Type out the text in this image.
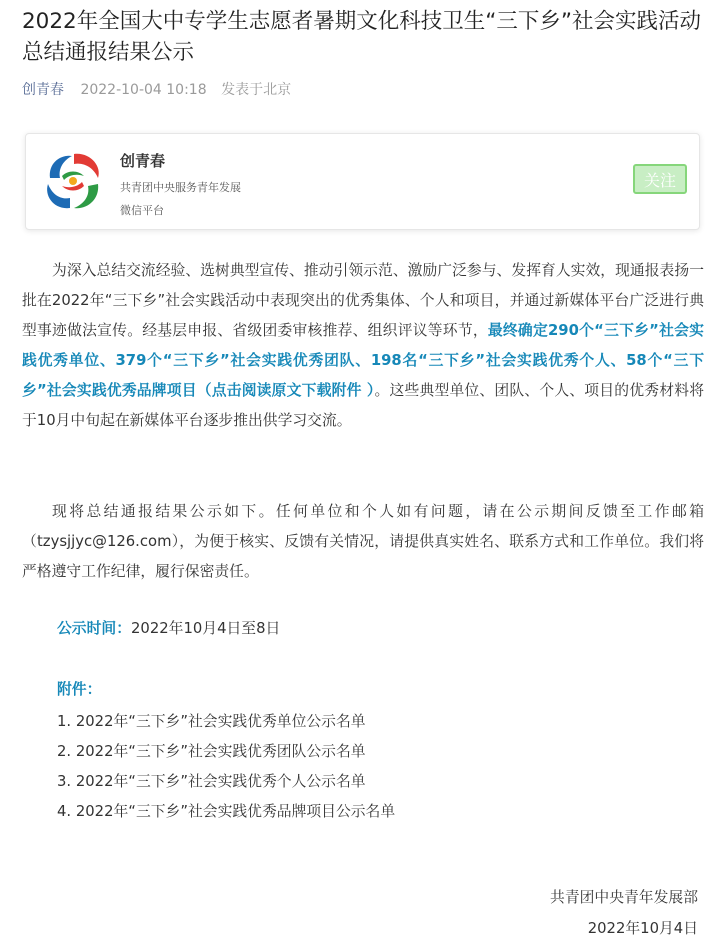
2022年全国大中专学生志愿者暑期文化科技卫生“三下乡”社会实践活动总结通报结果公示
创青春 2022-10-04 10:18 发表于北京
创青春
共青团中央服务青年发展
微信平台
关注

为深入总结交流经验、选树典型宣传、推动引领示范、激励广泛参与、发挥育人实效，现通报表扬一批在2022年“三下乡”社会实践活动中表现突出的优秀集体、个人和项目，并通过新媒体平台广泛进行典型事迹做法宣传。经基层申报、省级团委审核推荐、组织评议等环节，最终确定290个“三下乡”社会实践优秀单位、379个“三下乡”社会实践优秀团队、198名“三下乡”社会实践优秀个人、58个“三下乡”社会实践优秀品牌项目（点击阅读原文下载附件 ）。这些典型单位、团队、个人、项目的优秀材料将于10月中旬起在新媒体平台逐步推出供学习交流。

现将总结通报结果公示如下。任何单位和个人如有问题，请在公示期间反馈至工作邮箱（tzysjjyc@126.com），为便于核实、反馈有关情况，请提供真实姓名、联系方式和工作单位。我们将严格遵守工作纪律，履行保密责任。

公示时间：2022年10月4日至8日
附件：
1. 2022年“三下乡”社会实践优秀单位公示名单
2. 2022年“三下乡”社会实践优秀团队公示名单
3. 2022年“三下乡”社会实践优秀个人公示名单
4. 2022年“三下乡”社会实践优秀品牌项目公示名单
共青团中央青年发展部
2022年10月4日
